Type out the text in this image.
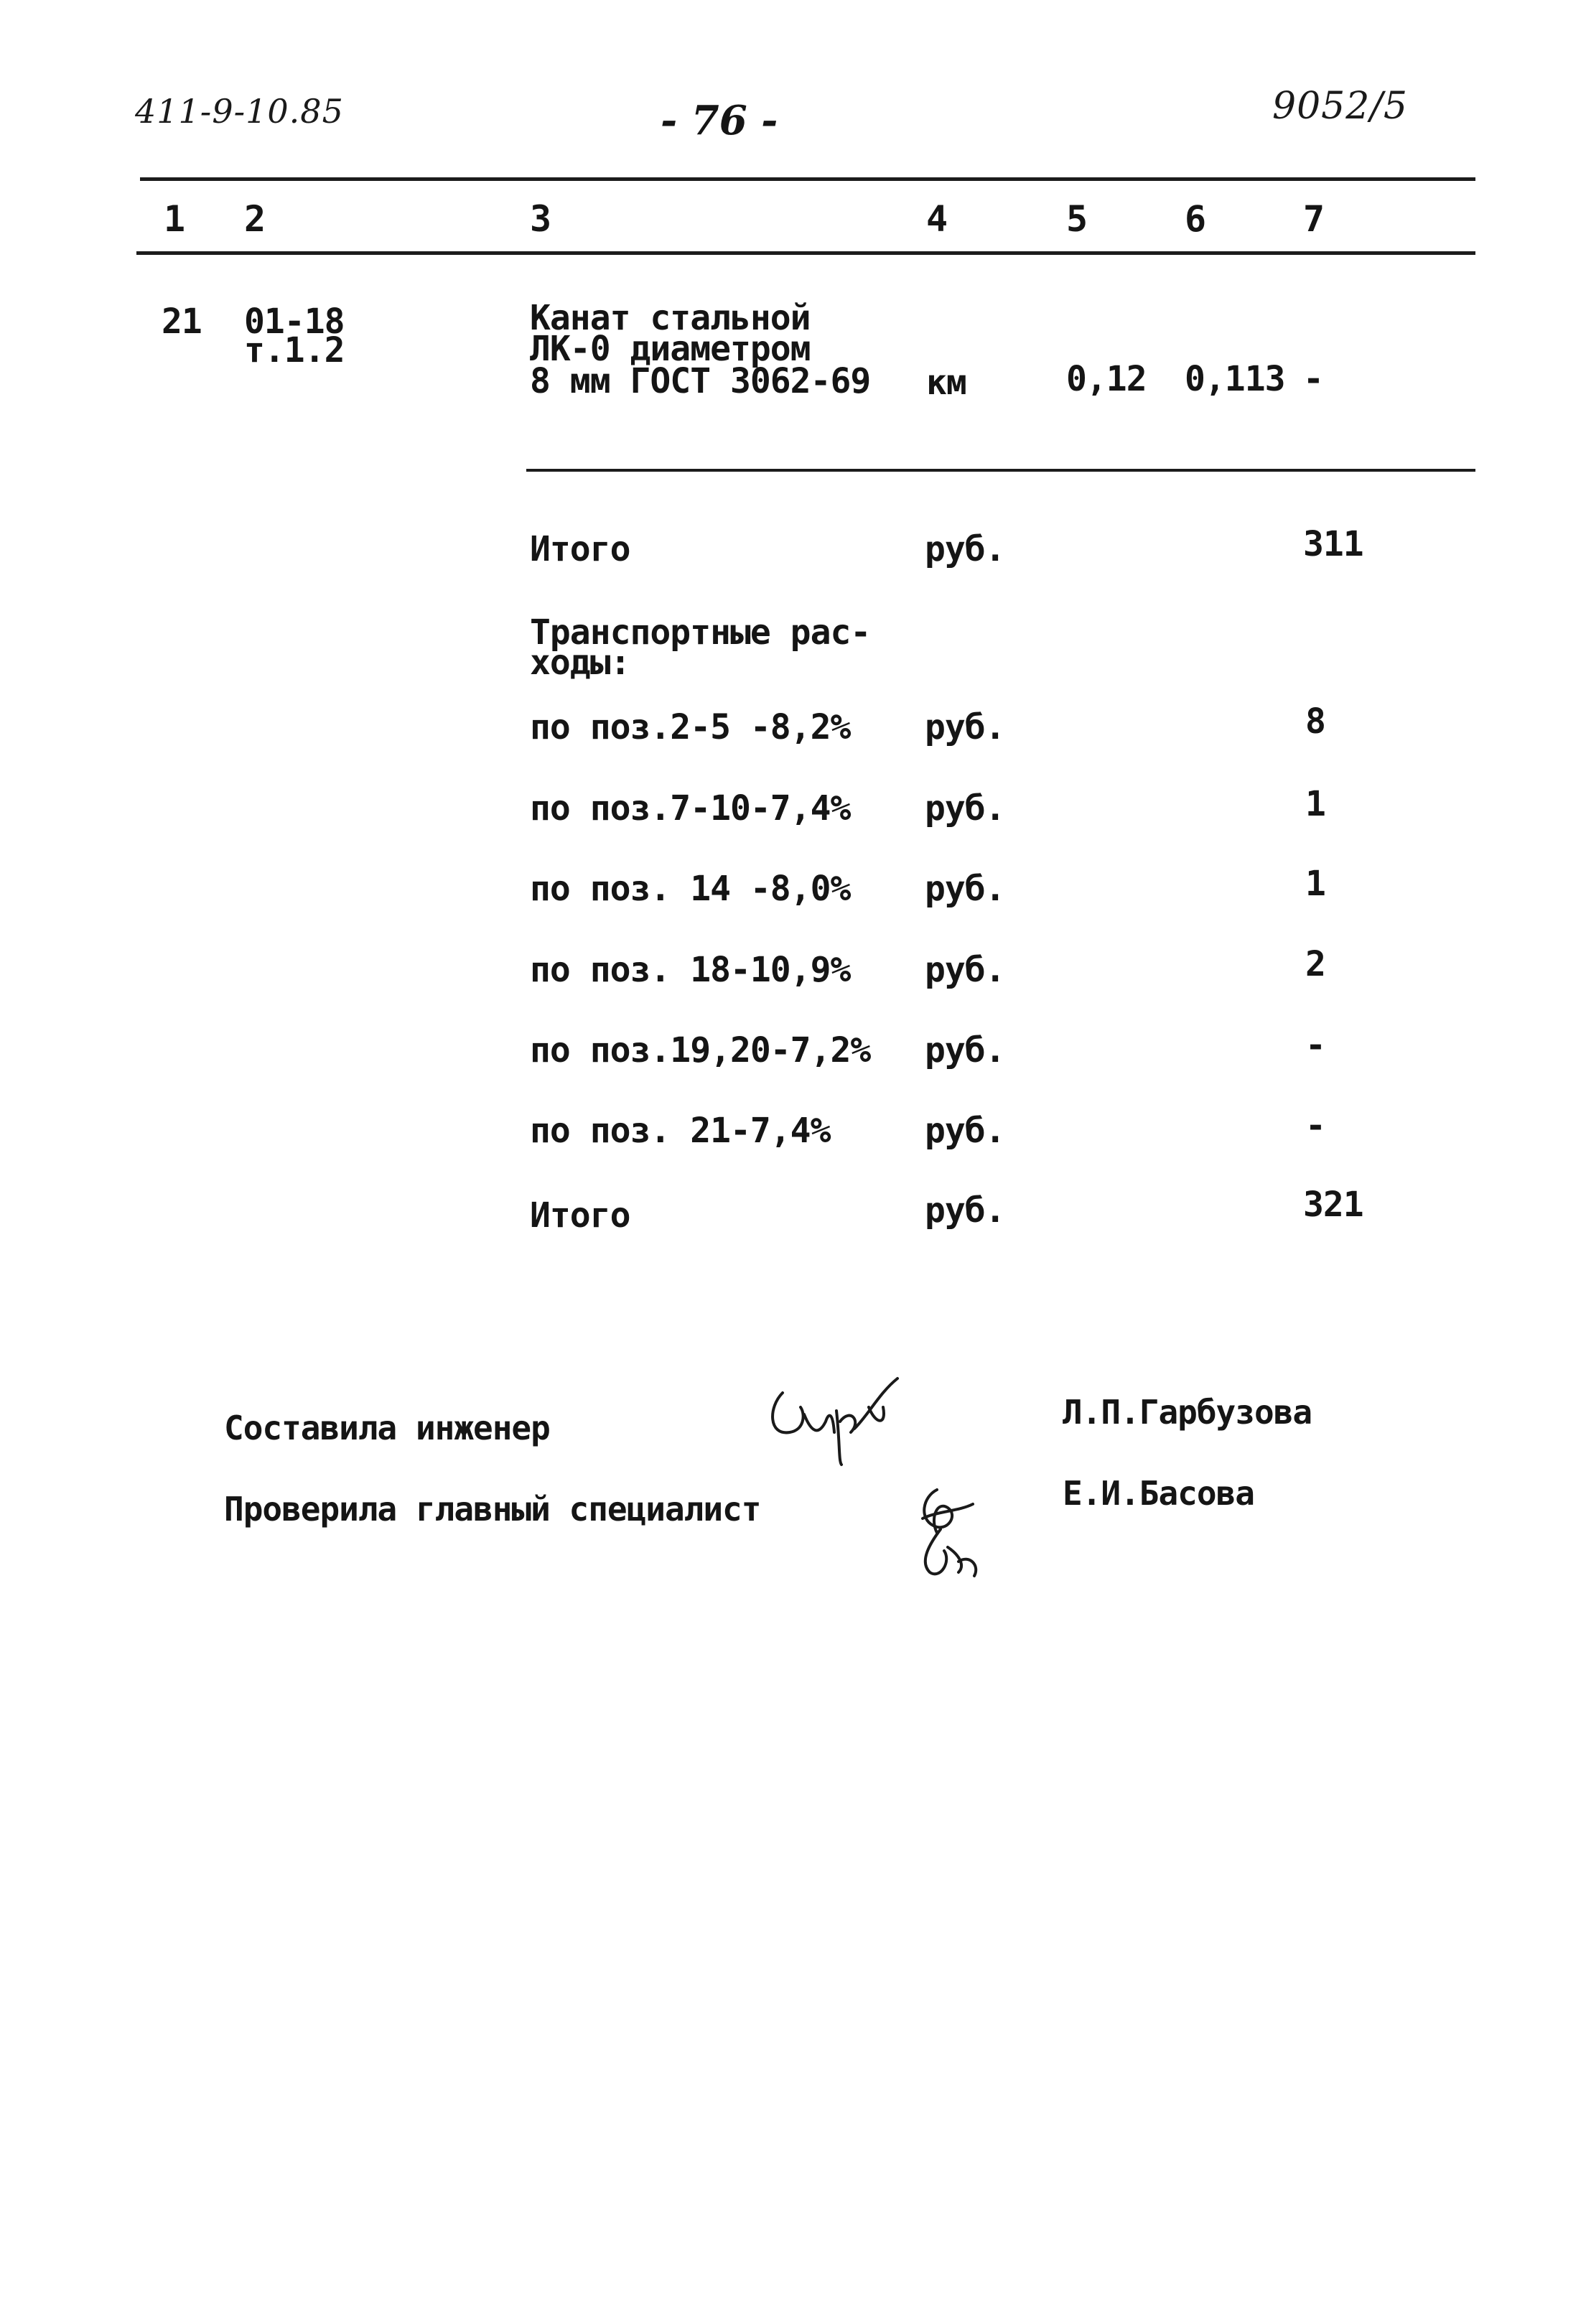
411-9-10.85	- 76 -	9052/5
1 2	3	4	5	6	7
21 01-18
т.1.2
Канат стальной
ЛК-0 диаметром
8 мм ГОСТ 3062-69 км	0,12 0,113 -
Итого	руб.	311
Транспортные рас-
ходы:
по поз.2-5 -8,2% руб.	8
по поз.7-10-7,4% руб.	1
по поз. 14 -8,0% руб.	1
по поз. 18-10,9% руб.	2
по поз.19,20-7,2% руб.	-
по поз. 21-7,4%	руб.	-
Итого	руб.	321
Составила инженер	Л.П.Гарбузова
Проверила главный специалист	Е.И.Басова
